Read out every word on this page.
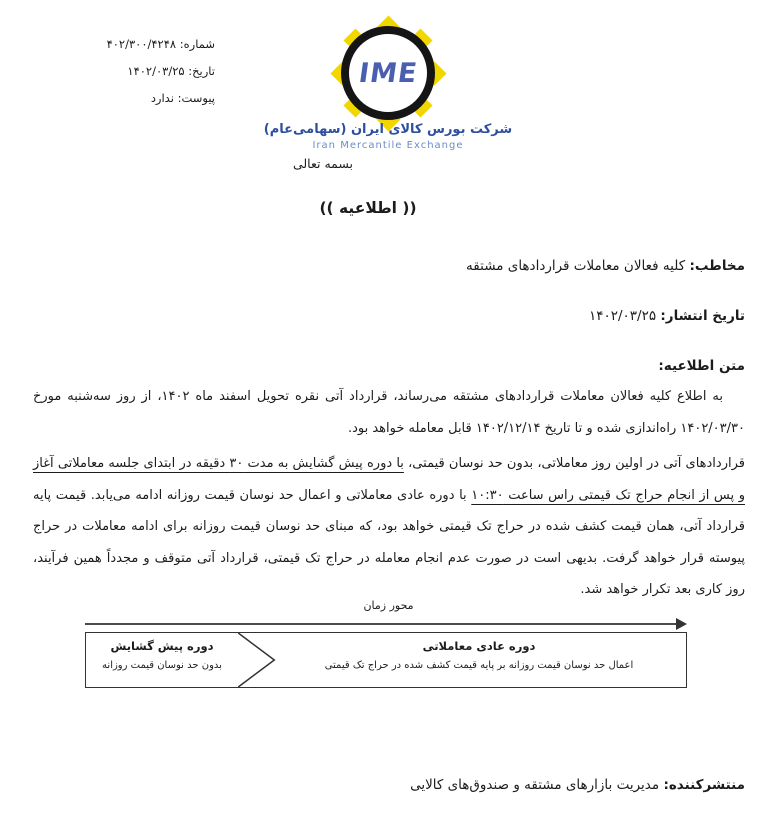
شماره: ۴۰۲/۳۰۰/۴۲۴۸
تاریخ: ۱۴۰۲/۰۳/۲۵
پیوست: ندارد
IME
شرکت بورس کالای ایران (سهامی‌عام)
Iran Mercantile Exchange
بسمه تعالی
(( اطلاعیه ))
مخاطب: کلیه فعالان معاملات قراردادهای مشتقه
تاریخ انتشار: ۱۴۰۲/۰۳/۲۵
متن اطلاعیه:
به اطلاع کلیه فعالان معاملات قراردادهای مشتقه می‌رساند، قرارداد آتی نقره تحویل اسفند ماه ۱۴۰۲، از روز سه‌شنبه مورخ ۱۴۰۲/۰۳/۳۰ راه‌اندازی شده و تا تاریخ ۱۴۰۲/۱۲/۱۴ قابل معامله خواهد بود.
قراردادهای آتی در اولین روز معاملاتی، بدون حد نوسان قیمتی، با دوره پیش گشایش به مدت ۳۰ دقیقه در ابتدای جلسه معاملاتی آغاز و پس از انجام حراج تک قیمتی راس ساعت ۱۰:۳۰ با دوره عادی معاملاتی و اعمال حد نوسان قیمت روزانه ادامه می‌یابد. قیمت پایه قرارداد آتی، همان قیمت کشف شده در حراج تک قیمتی خواهد بود، که مبنای حد نوسان قیمت روزانه برای ادامه معاملات در حراج پیوسته قرار خواهد گرفت. بدیهی است در صورت عدم انجام معامله در حراج تک قیمتی، قرارداد آتی متوقف و مجدداً همین فرآیند، روز کاری بعد تکرار خواهد شد.
محور زمان
دوره پیش گشایش
بدون حد نوسان قیمت روزانه
دوره عادی معاملاتی
اعمال حد نوسان قیمت روزانه بر پایه قیمت کشف شده در حراج تک قیمتی
منتشرکننده: مدیریت بازارهای مشتقه و صندوق‌های کالایی
